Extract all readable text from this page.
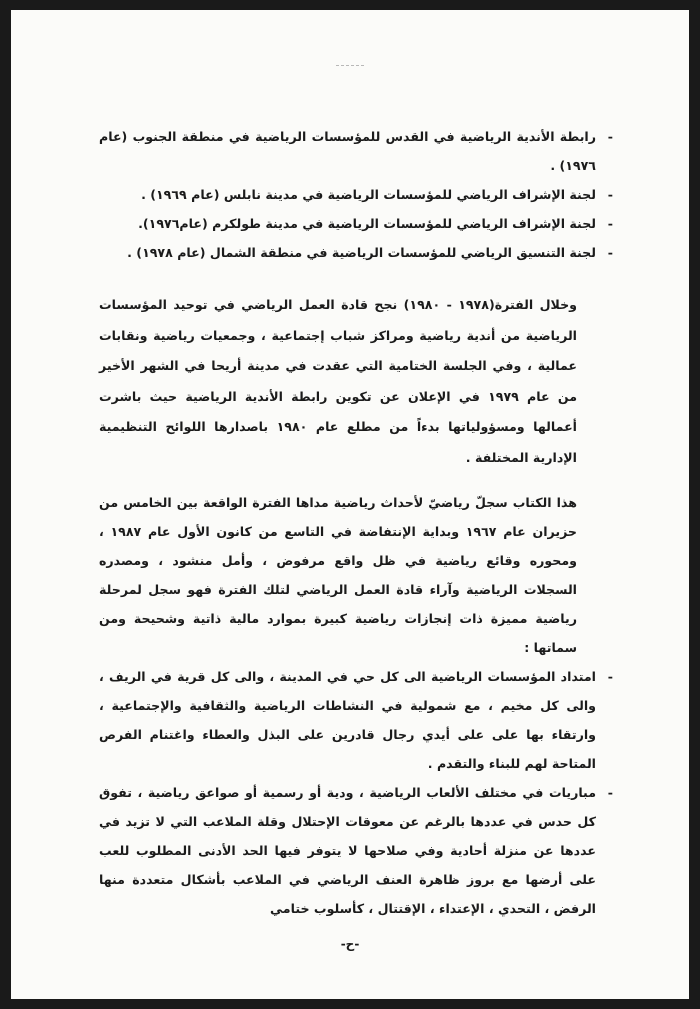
-
رابطة الأندية الرياضية في القدس للمؤسسات الرياضية في منطقة الجنوب (عام ١٩٧٦) .
-
لجنة الإشراف الرياضي للمؤسسات الرياضية في مدينة نابلس (عام ١٩٦٩) .
-
لجنة الإشراف الرياضي للمؤسسات الرياضية في مدينة طولكرم (عام١٩٧٦).
-
لجنة التنسيق الرياضي للمؤسسات الرياضية في منطقة الشمال (عام ١٩٧٨) .
وخلال الفترة(١٩٧٨ - ١٩٨٠) نجح قادة العمل الرياضي في توحيد المؤسسات الرياضية من أندية رياضية ومراكز شباب إجتماعية ، وجمعيات رياضية ونقابات عمالية ، وفي الجلسة الختامية التي عقدت في مدينة أريحا في الشهر الأخير من عام ١٩٧٩ في الإعلان عن تكوين رابطة الأندية الرياضية حيث باشرت أعمالها ومسؤولياتها بدءاً من مطلع عام ١٩٨٠ باصدارها اللوائح التنظيمية الإدارية المختلفة .
هذا الكتاب سجلّ رياضيّ لأحداث رياضية مداها الفترة الواقعة بين الخامس من حزيران عام ١٩٦٧ وبداية الإنتفاضة في التاسع من كانون الأول عام ١٩٨٧ ، ومحوره وقائع رياضية في ظل واقع مرفوض ، وأمل منشود ، ومصدره السجلات الرياضية وآراء قادة العمل الرياضي لتلك الفترة فهو سجل لمرحلة رياضية مميزة ذات إنجازات رياضية كبيرة بموارد مالية ذاتية وشحيحة ومن سماتها :
-
امتداد المؤسسات الرياضية الى كل حي في المدينة ، والى كل قرية في الريف ، والى كل مخيم ، مع شمولية في النشاطات الرياضية والثقافية والإجتماعية ، وارتقاء بها على على أيدي رجال قادرين على البذل والعطاء واغتنام الفرص المتاحة لهم للبناء والتقدم .
-
مباريات في مختلف الألعاب الرياضية ، ودية أو رسمية أو صواعق رياضية ، تفوق كل حدس في عددها بالرغم عن معوقات الإحتلال وقلة الملاعب التي لا تزيد في عددها عن منزلة أحادية وفي صلاحها لا يتوفر فيها الحد الأدنى المطلوب للعب على أرضها مع بروز ظاهرة العنف الرياضي في الملاعب بأشكال متعددة منها الرفض ، التحدي ، الإعتداء ، الإقتتال ، كأسلوب ختامي
-ح-
